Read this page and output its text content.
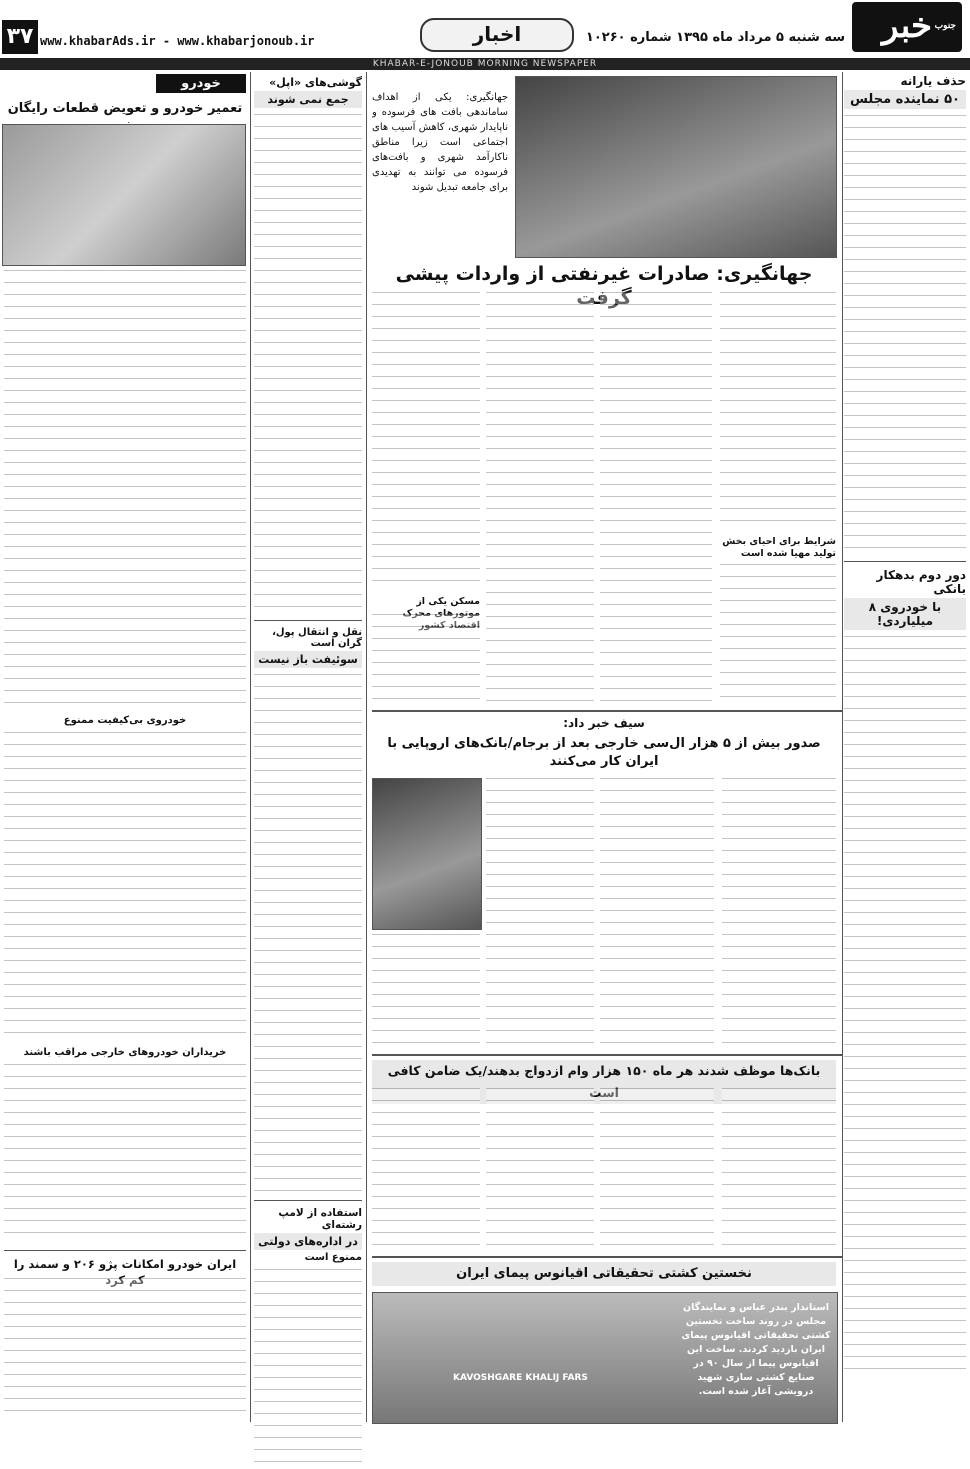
جنوب
خبر
سه شنبه ۵ مرداد ماه ۱۳۹۵ شماره ۱۰۲۶۰
اخبار
www.khabarAds.ir - www.khabarjonoub.ir
۳۷
KHABAR-E-JONOUB MORNING NEWSPAPER
حذف یارانه
۵۰ نماینده مجلس
دور دوم بدهکار بانکی
با خودروی ۸ میلیاردی!
جهانگیری: یکی از اهداف ساماندهی بافت های فرسوده و ناپایدار شهری، کاهش آسیب های اجتماعی است زیرا مناطق ناکارآمد شهری و بافت‌های فرسوده می توانند به تهدیدی برای جامعه تبدیل شوند
جهانگیری: صادرات غیرنفتی از واردات پیشی گرفت
شرایط برای احیای بخش تولید مهیا شده است
مسکن یکی از موتورهای محرک اقتصاد کشور
گوشی‌های «اپل»
جمع نمی شوند
نقل و انتقال پول، گران است
سوئیفت باز نیست
استفاده از لامپ رشته‌ای
در اداره‌های دولتی
ممنوع است
سیف خبر داد:
صدور بیش از ۵ هزار ال‌سی خارجی بعد از برجام/بانک‌های اروپایی با ایران کار می‌کنند
بانک‌ها موظف شدند هر ماه ۱۵۰ هزار وام ازدواج بدهند/یک ضامن کافی است
نخستین کشتی تحقیقاتی اقیانوس پیمای ایران
استاندار بندر عباس و نمایندگان مجلس در روند ساخت نخستین کشتی تحقیقاتی اقیانوس پیمای ایران بازدید کردند. ساخت این اقیانوس پیما از سال ۹۰ در صنایع کشتی سازی شهید درویشی آغاز شده است.
KAVOSHGARE KHALIJ FARS
خودرو
تعمیر خودرو و تعویض قطعات رایگان
خودروی بی‌کیفیت ممنوع
خریداران خودروهای خارجی مراقب باشند
ایران خودرو امکانات پژو ۲۰۶ و سمند را کم کرد
